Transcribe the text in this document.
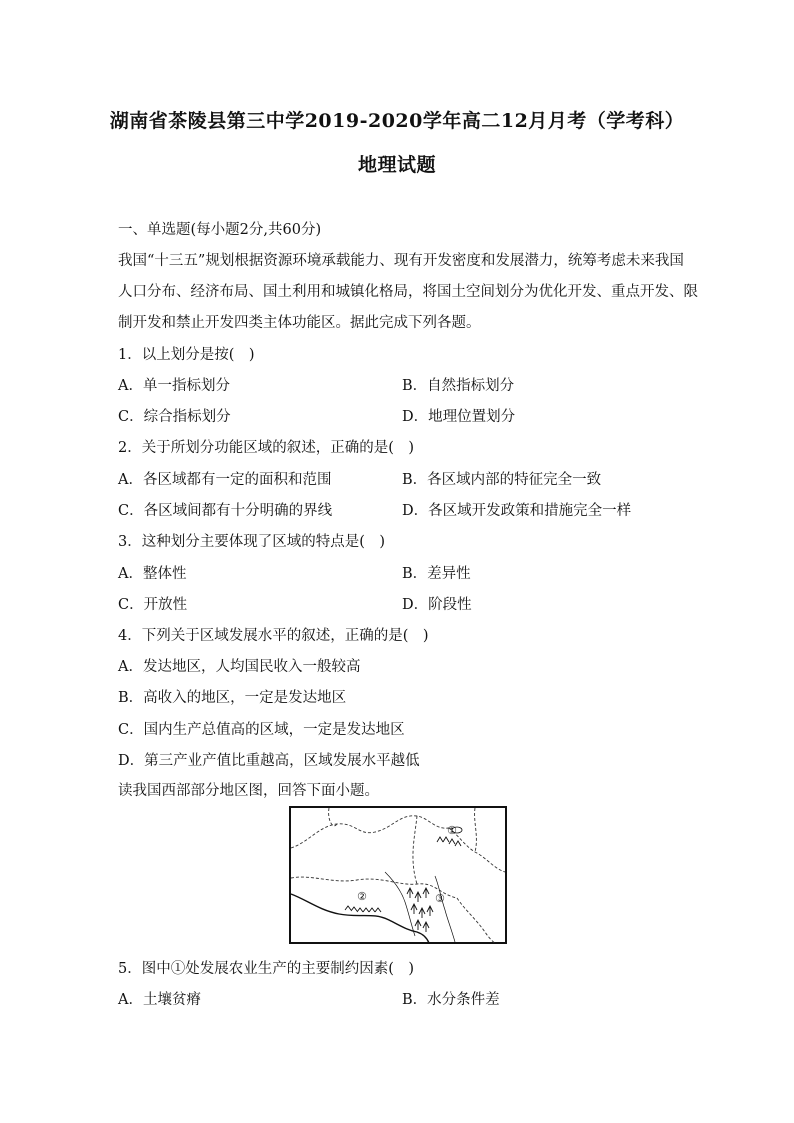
湖南省茶陵县第三中学2019-2020学年高二12月月考（学考科）
地理试题
一、单选题(每小题2分,共60分)
我国“十三五”规划根据资源环境承载能力、现有开发密度和发展潜力，统筹考虑未来我国
人口分布、经济布局、国土利用和城镇化格局，将国土空间划分为优化开发、重点开发、限
制开发和禁止开发四类主体功能区。据此完成下列各题。
1．以上划分是按(　)
A．单一指标划分	B．自然指标划分
C．综合指标划分	D．地理位置划分
2．关于所划分功能区域的叙述，正确的是(　)
A．各区域都有一定的面积和范围	B．各区域内部的特征完全一致
C．各区域间都有十分明确的界线	D．各区域开发政策和措施完全一样
3．这种划分主要体现了区域的特点是(　)
A．整体性	B．差异性
C．开放性	D．阶段性
4．下列关于区域发展水平的叙述，正确的是(　)
A．发达地区，人均国民收入一般较高
B．高收入的地区，一定是发达地区
C．国内生产总值高的区域，一定是发达地区
D．第三产业产值比重越高，区域发展水平越低
读我国西部部分地区图，回答下面小题。
①
②	③
5．图中①处发展农业生产的主要制约因素(　)
A．土壤贫瘠	B．水分条件差
